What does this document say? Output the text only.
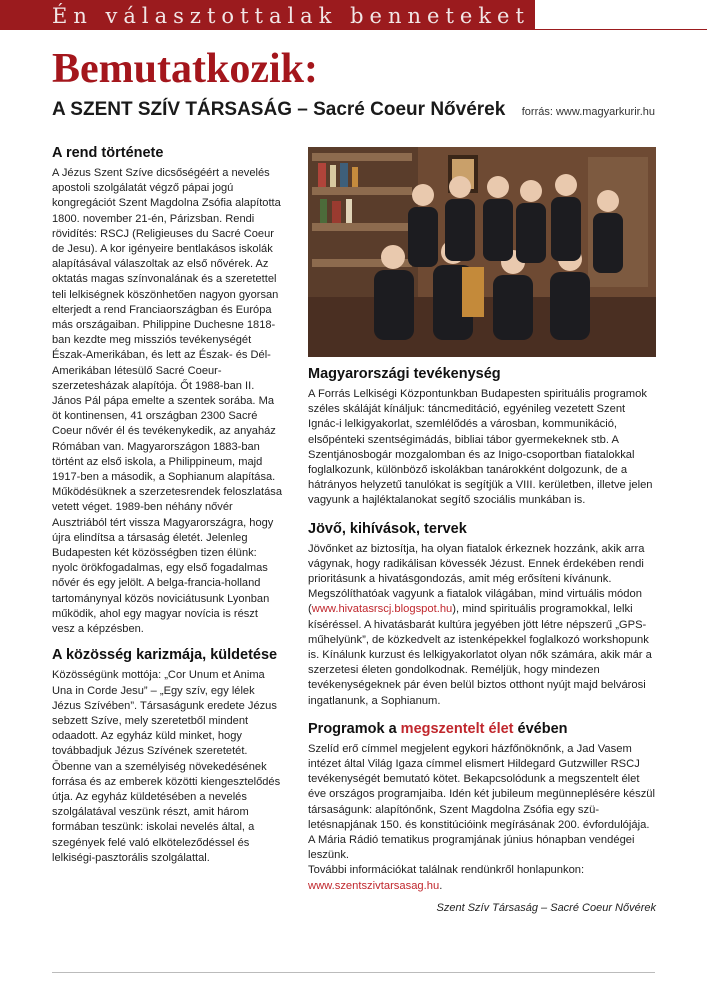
Én választottalak benneteket
Bemutatkozik:
A SZENT SZÍV TÁRSASÁG – Sacré Coeur Nővérek forrás: www.magyarkurir.hu
A rend története

A Jézus Szent Szíve dicsőségéért a nevelés apostoli szolgálatát végző pápai jogú kongregációt Szent Magdolna Zsófia alapította 1800. november 21-én, Párizsban. Rendi rövidítés: RSCJ (Religieuses du Sacré Coeur de Jesu). A kor igényeire bentlakásos iskolák alapításával válaszoltak az első nővérek. Az oktatás magas színvonalának és a szeretettel teli lelkiségnek köszönhetően nagyon gyorsan elterjedt a rend Franciaországban és Európa más országaiban. Philippine Duchesne 1818-ban kezdte meg missziós tevékenységét Észak-Amerikában, és lett az Észak- és Dél-Amerikában létesülő Sacré Coeurszerzetesházak alapítója. Őt 1988-ban II. János Pál pápa emelte a szentek sorába. Ma öt kontinensen, 41 országban 2300 Sacré Coeur nővér él és tevékenykedik, az anyaház Rómában van. Magyarországon 1883-ban történt az első iskola, a Philippineum, majd 1917-ben a második, a Sophianum alapítása. Működésüknek a szerzetesrendek feloszlatása vetett véget. 1989-ben néhány nővér Ausztriából tért vissza Magyarországra, hogy újra elindítsa a társaság életét. Jelenleg Budapesten két közösségben tizen élünk: nyolc örökfogadalmas, egy első fogadalmas nővér és egy jelölt. A belga-francia-holland tartománynyal közös noviciátusunk Lyonban működik, ahol egy magyar novícia is részt vesz a képzésben.

A közösség karizmája, küldetése

Közösségünk mottója: „Cor Unum et Anima Una in Corde Jesu” – „Egy szív, egy lélek Jézus Szívében”. Társaságunk eredete Jézus sebzett Szíve, mely szeretetből mindent odaadott. Az egyház küld minket, hogy továbbadjuk Jézus Szívének szeretetét. Ōbenne van a személyiség növekedésének forrása és az emberek közötti kiengesztelődés útja. Az egyház küldetésében a nevelés szolgálatával veszünk részt, amit három formában teszünk: iskolai nevelés által, a szegények felé való elköteleződéssel és lelkiségi-pasztorális szolgálattal.

Magyarországi tevékenység

A Forrás Lelkiségi Központunkban Budapesten spirituális programok széles skáláját kínáljuk: táncmeditáció, egyénileg vezetett Szent Ignác-i lelkigyakorlat, szemlélődés a városban, kommunikáció, elsőpénteki szentségimádás, bibliai tábor gyermekeknek stb. A Szentjánosbogár mozgalomban és az Inigo-csoportban fiatalokkal foglalkozunk, különböző iskolákban tanárokként dolgozunk, de a hátrányos helyzetű tanulókat is segítjük a VIII. kerületben, illetve jelen vagyunk a hajléktalanokat segítő szociális munkában is.

Jövő, kihívások, tervek

Jövőnket az biztosítja, ha olyan fiatalok érkeznek hozzánk, akik arra vágynak, hogy radikálisan kövessék Jézust. Ennek érdekében rendi prioritásunk a hivatásgondozás, amit még erősíteni kívánunk. Megszólíthatóak vagyunk a fiatalok világában, mind virtuális módon (www.hivatasrscj.blogspot.hu), mind spirituális programokkal, lelki kíséréssel. A hivatásbarát kultúra jegyében jött létre népszerű „GPS-műhelyünk”, de közkedvelt az istenképekkel foglalkozó workshopunk is. Kínálunk kurzust és lelkigyakorlatot olyan nők számára, akik már a szerzetesi életen gondolkodnak. Reméljük, hogy mindezen tevékenységeknek pár éven belül biztos otthont nyújt majd belvárosi ingatlanunk, a Sophianum.

Programok a megszentelt élet évében

Szelíd erő címmel megjelent egykori házfőnöknőnk, a Jad Vasem intézet által Világ Igaza címmel elismert Hildegard Gutzwiller RSCJ tevékenységét bemutató kötet. Bekapcsolódunk a megszentelt élet éve országos programjaiba. Idén két jubileum megünneplésére készül társaságunk: alapítónőnk, Szent Magdolna Zsófia egy születésnapjának 150. és konstitúcióink megírásának 200. évfordulójája. A Mária Rádió tematikus programjának június hónapban vendégei leszünk.

További információkat találnak rendünkről honlapunkon:

www.szentszivtarsasag.hu.

Szent Szív Társaság – Sacré Coeur Nővérek
